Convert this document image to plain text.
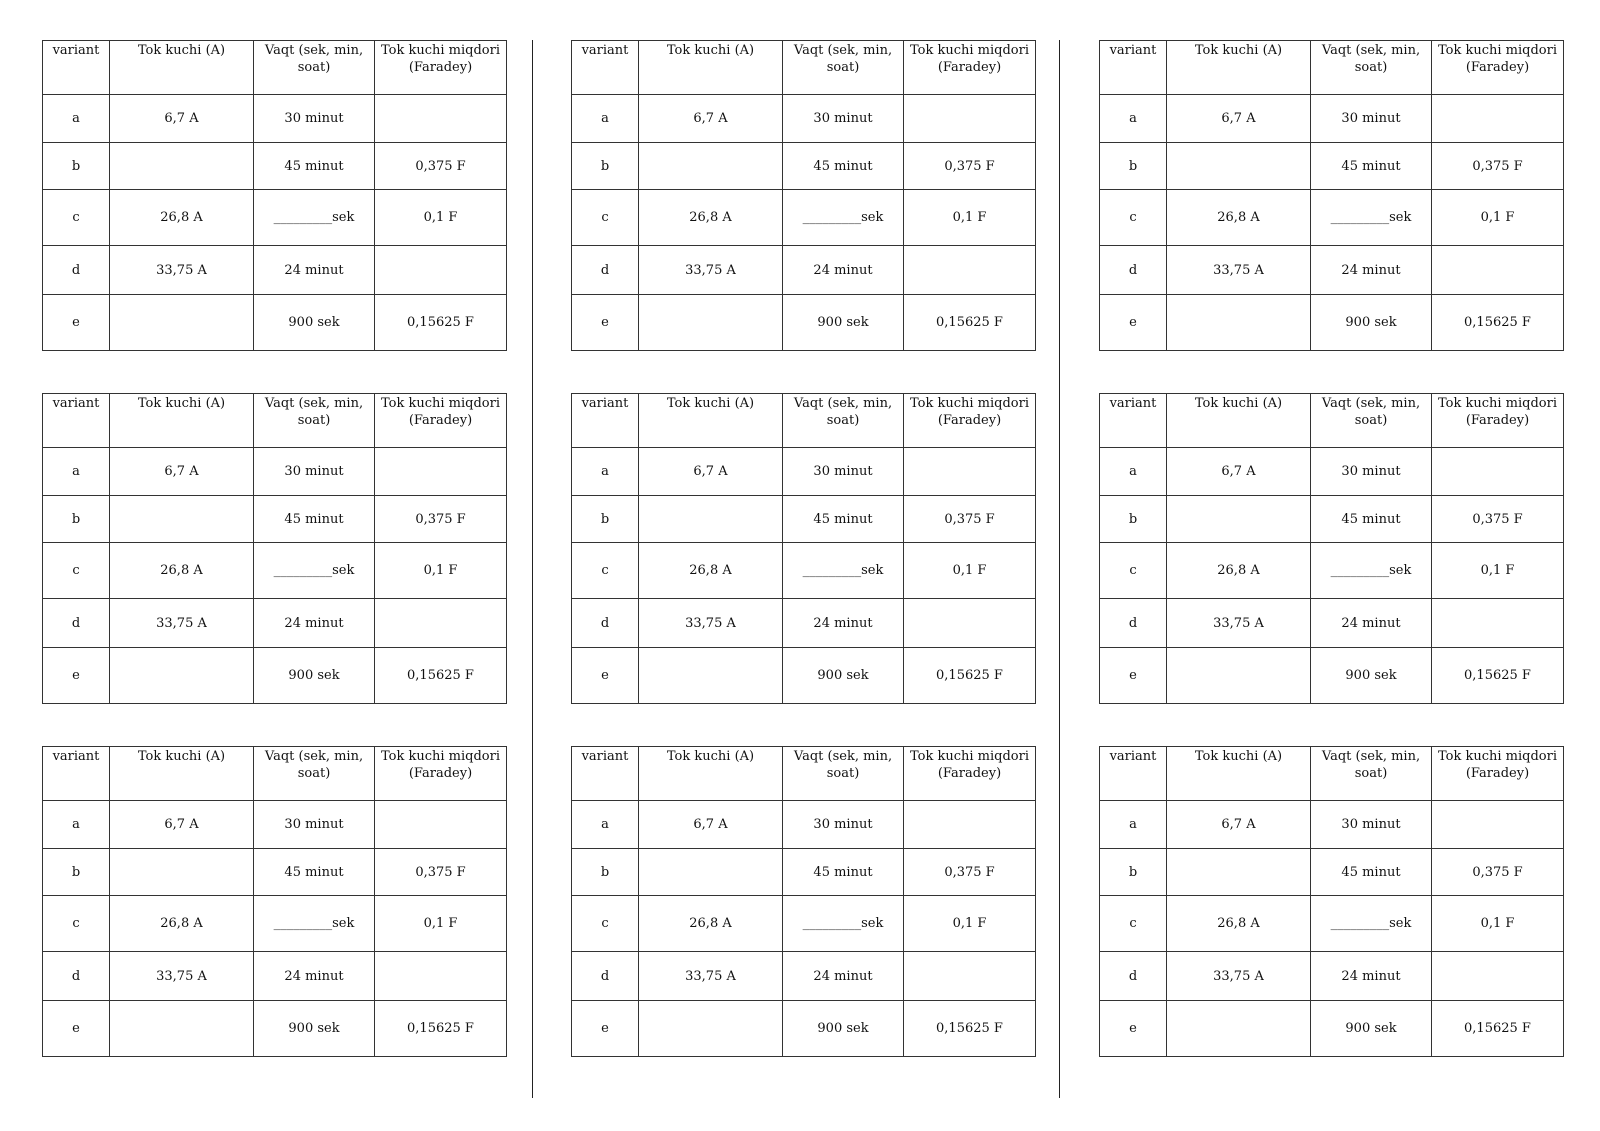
variant	Tok kuchi (A)	Vaqt (sek, min, soat)	Tok kuchi miqdori (Faradey)
a	6,7 A	30 minut	
b		45 minut	0,375 F
c	26,8 A	_________sek	0,1 F
d	33,75 A	24 minut	
e		900 sek	0,15625 F
variant	Tok kuchi (A)	Vaqt (sek, min, soat)	Tok kuchi miqdori (Faradey)
a	6,7 A	30 minut	
b		45 minut	0,375 F
c	26,8 A	_________sek	0,1 F
d	33,75 A	24 minut	
e		900 sek	0,15625 F
variant	Tok kuchi (A)	Vaqt (sek, min, soat)	Tok kuchi miqdori (Faradey)
a	6,7 A	30 minut	
b		45 minut	0,375 F
c	26,8 A	_________sek	0,1 F
d	33,75 A	24 minut	
e		900 sek	0,15625 F
variant	Tok kuchi (A)	Vaqt (sek, min, soat)	Tok kuchi miqdori (Faradey)
a	6,7 A	30 minut	
b		45 minut	0,375 F
c	26,8 A	_________sek	0,1 F
d	33,75 A	24 minut	
e		900 sek	0,15625 F
variant	Tok kuchi (A)	Vaqt (sek, min, soat)	Tok kuchi miqdori (Faradey)
a	6,7 A	30 minut	
b		45 minut	0,375 F
c	26,8 A	_________sek	0,1 F
d	33,75 A	24 minut	
e		900 sek	0,15625 F
variant	Tok kuchi (A)	Vaqt (sek, min, soat)	Tok kuchi miqdori (Faradey)
a	6,7 A	30 minut	
b		45 minut	0,375 F
c	26,8 A	_________sek	0,1 F
d	33,75 A	24 minut	
e		900 sek	0,15625 F
variant	Tok kuchi (A)	Vaqt (sek, min, soat)	Tok kuchi miqdori (Faradey)
a	6,7 A	30 minut	
b		45 minut	0,375 F
c	26,8 A	_________sek	0,1 F
d	33,75 A	24 minut	
e		900 sek	0,15625 F
variant	Tok kuchi (A)	Vaqt (sek, min, soat)	Tok kuchi miqdori (Faradey)
a	6,7 A	30 minut	
b		45 minut	0,375 F
c	26,8 A	_________sek	0,1 F
d	33,75 A	24 minut	
e		900 sek	0,15625 F
variant	Tok kuchi (A)	Vaqt (sek, min, soat)	Tok kuchi miqdori (Faradey)
a	6,7 A	30 minut	
b		45 minut	0,375 F
c	26,8 A	_________sek	0,1 F
d	33,75 A	24 minut	
e		900 sek	0,15625 F
